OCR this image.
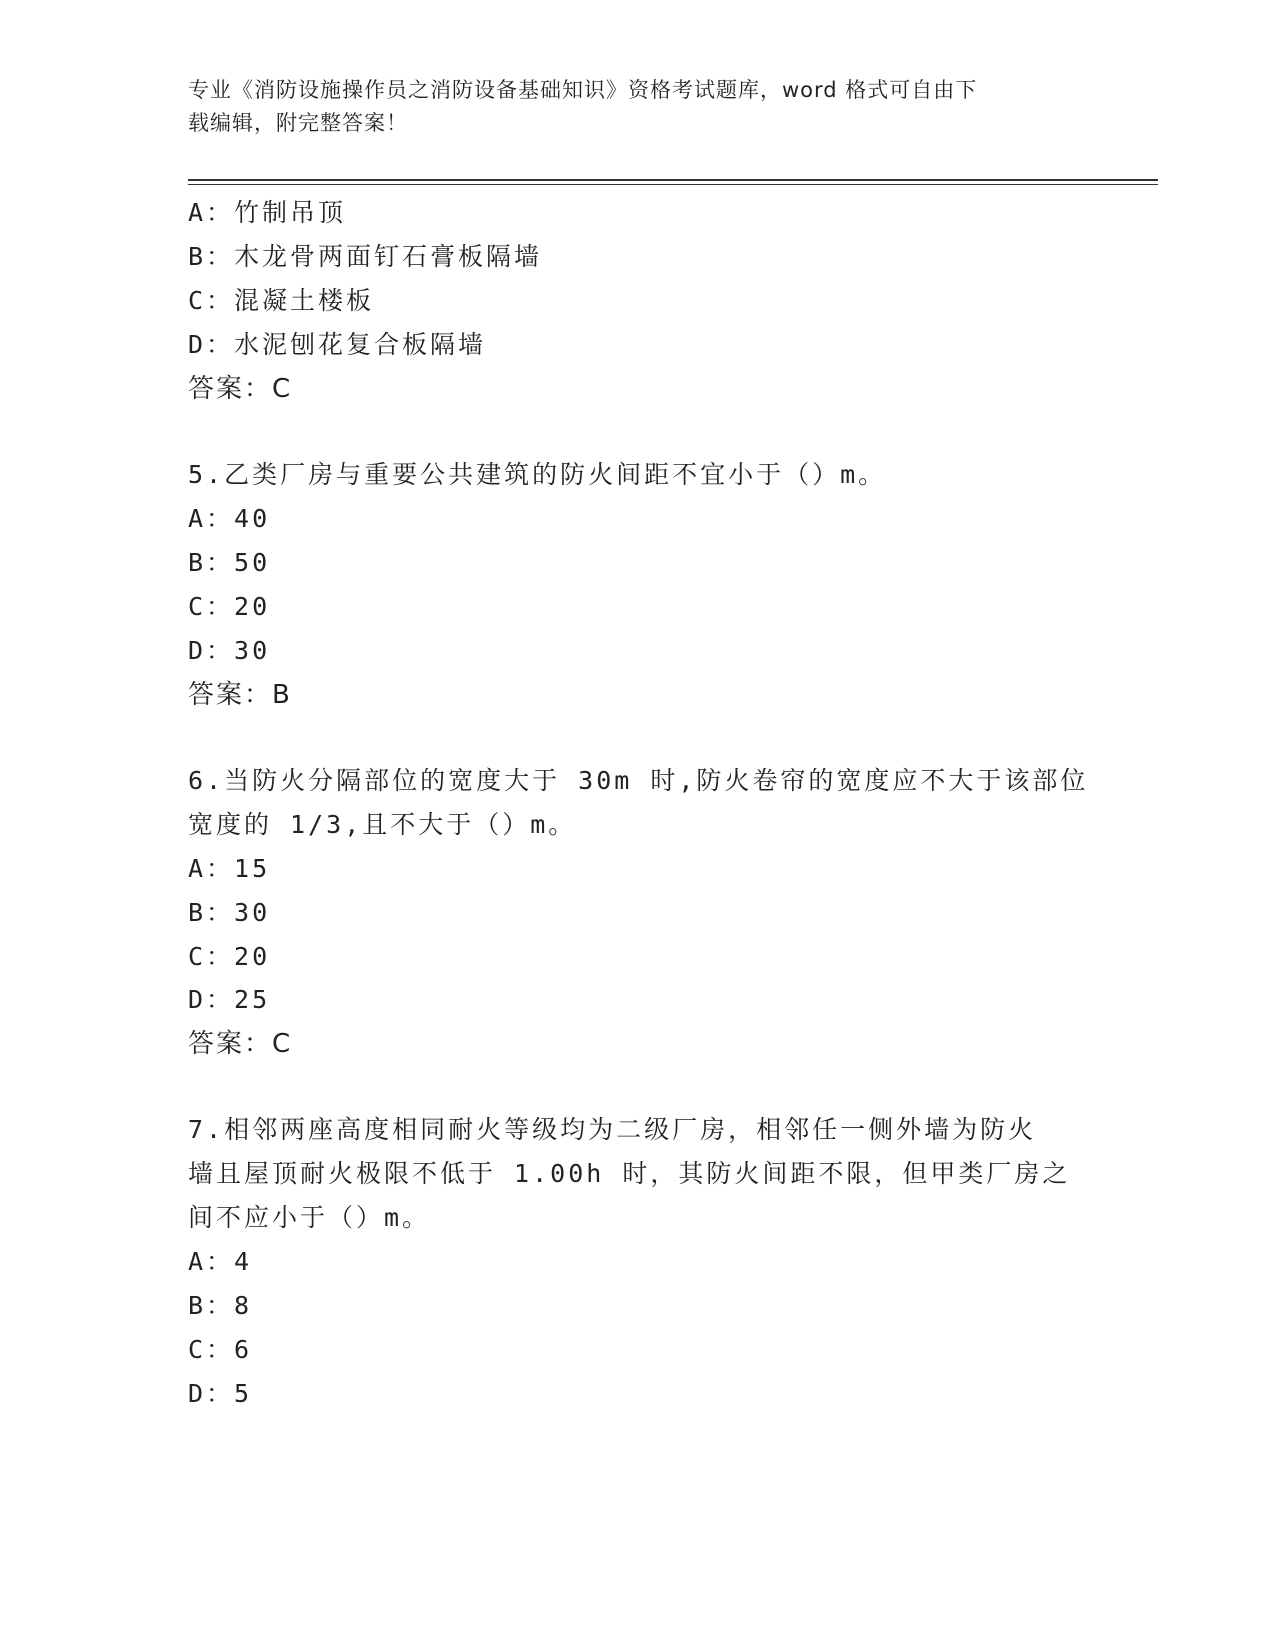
专业《消防设施操作员之消防设备基础知识》资格考试题库，word 格式可自由下
载编辑，附完整答案！
A：竹制吊顶
B：木龙骨两面钉石膏板隔墙
C：混凝土楼板
D：水泥刨花复合板隔墙
答案：C
5.乙类厂房与重要公共建筑的防火间距不宜小于（）m。
A：40
B：50
C：20
D：30
答案：B
6.当防火分隔部位的宽度大于 30m 时,防火卷帘的宽度应不大于该部位
宽度的 1/3,且不大于（）m。
A：15
B：30
C：20
D：25
答案：C
7.相邻两座高度相同耐火等级均为二级厂房，相邻任一侧外墙为防火
墙且屋顶耐火极限不低于 1.00h 时，其防火间距不限，但甲类厂房之
间不应小于（）m。
A：4
B：8
C：6
D：5
